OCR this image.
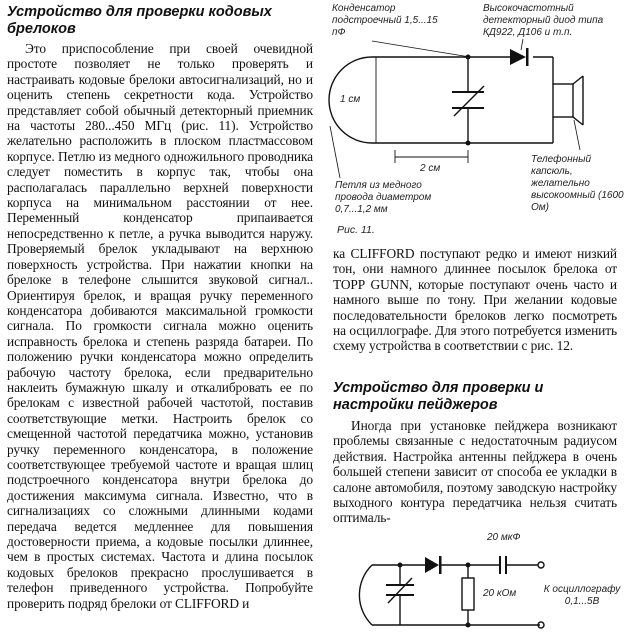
Устройство для проверки кодовых брелоков

Это приспособление при своей очевидной простоте позволяет не только проверять и настраивать кодовые брелоки автосигнализаций, но и оценить степень секретности кода. Устройство представляет собой обычный детекторный приемник на частоты 280...450 МГц (рис. 11). Устройство желательно расположить в плоском пластмассовом корпусе. Петлю из медного одножильного проводника следует поместить в корпус так, чтобы она располагалась параллельно верхней поверхности корпуса на минимальном расстоянии от нее. Переменный конденсатор припаивается непосредственно к петле, а ручка выводится наружу. Проверяемый брелок укладывают на верхнюю поверхность устройства. При нажатии кнопки на брелоке в телефоне слышится звуковой сигнал.. Ориентируя брелок, и вращая ручку переменного конденсатора добиваются максимальной громкости сигнала. По громкости сигнала можно оценить исправность брелока и степень разряда батареи. По положению ручки конденсатора можно определить рабочую частоту брелока, если предварительно наклеить бумажную шкалу и откалибровать ее по брелокам с известной рабочей частотой, поставив соответствующие метки. Настроить брелок со смещенной частотой передатчика можно, установив ручку переменного конденсатора, в положение соответствующее требуемой частоте и вращая шлиц подстроечного конденсатора внутри брелока до достижения максимума сигнала. Известно, что в сигнализациях со сложными длинными кодами передача ведется медленнее для повышения достоверности приема, а кодовые посылки длиннее, чем в простых системах. Частота и длина посылок кодовых брелоков прекрасно прослушивается в телефон приведенного устройства. Попробуйте проверить подряд брелоки от CLIFFORD и

Конденсатор подстроечный 1,5...15 пФ
Высокочастотный детекторный диод типа КД922, Д106 и т.п.
1 см
2 см
Телефонный капсюль, желательно высокоомный (1600 Ом)
Петля из медного провода диаметром 0,7...1,2 мм
Рис. 11.

ка CLIFFORD поступают редко и имеют низкий тон, они намного длиннее посылок брелока от TOPP GUNN, которые поступают очень часто и намного выше по тону. При желании кодовые последовательности брелоков легко посмотреть на осциллографе. Для этого потребуется изменить схему устройства в соответствии с рис. 12.

Устройство для проверки и настройки пейджеров

Иногда при установке пейджера возникают проблемы связанные с недостаточным радиусом действия. Настройка антенны пейджера в очень большей степени зависит от способа ее укладки в салоне автомобиля, поэтому заводскую настройку выходного контура передатчика нельзя считать оптималь-

20 мкФ
20 кОм	К осциллографу 0,1...5В
